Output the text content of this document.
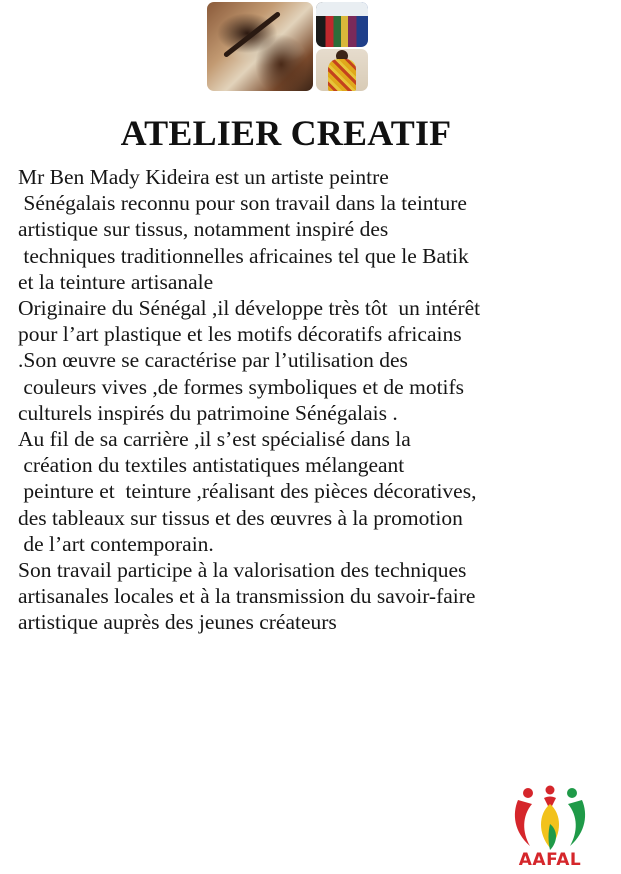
ATELIER CREATIF
Mr Ben Mady Kideira est un artiste peintre
Sénégalais reconnu pour son travail dans la teinture
artistique sur tissus, notamment inspiré des
techniques traditionnelles africaines tel que le Batik
et la teinture artisanale
Originaire du Sénégal ,il développe très tôt  un intérêt
pour l’art plastique et les motifs décoratifs africains
.Son œuvre se caractérise par l’utilisation des
couleurs vives ,de formes symboliques et de motifs
culturels inspirés du patrimoine Sénégalais .
Au fil de sa carrière ,il s’est spécialisé dans la
création du textiles antistatiques mélangeant
peinture et  teinture ,réalisant des pièces décoratives,
des tableaux sur tissus et des œuvres à la promotion
de l’art contemporain.
Son travail participe à la valorisation des techniques
artisanales locales et à la transmission du savoir-faire
artistique auprès des jeunes créateurs
AAFAL
